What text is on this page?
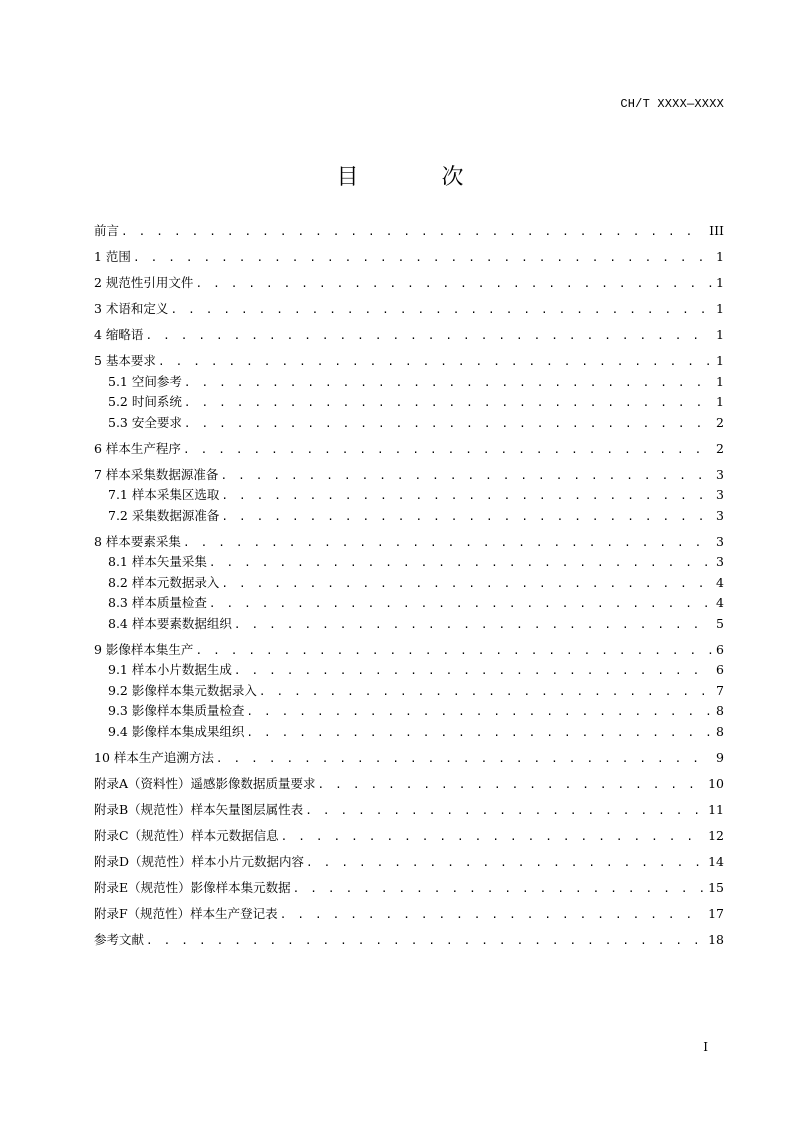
CH/T XXXX—XXXX
目 次
前言 . . .	III
1 范围 . . .	1
2 规范性引用文件 . . .	1
3 术语和定义 . . .	1
4 缩略语 . . .	1
5 基本要求 . . .	1
5.1 空间参考 . . .	1
5.2 时间系统 . . .	1
5.3 安全要求 . . .	2
6 样本生产程序 . . .	2
7 样本采集数据源准备 . . .	3
7.1 样本采集区选取 . . .	3
7.2 采集数据源准备 . . .	3
8 样本要素采集 . . .	3
8.1 样本矢量采集 . . .	3
8.2 样本元数据录入 . . .	4
8.3 样本质量检查 . . .	4
8.4 样本要素数据组织 . . .	5
9 影像样本集生产 . . .	6
9.1 样本小片数据生成 . . .	6
9.2 影像样本集元数据录入 . . .	7
9.3 影像样本集质量检查 . . .	8
9.4 影像样本集成果组织 . . .	8
10 样本生产追溯方法 . . .	9
附录A（资料性）遥感影像数据质量要求 . . .	10
附录B（规范性）样本矢量图层属性表 . . .	11
附录C（规范性）样本元数据信息 . . .	12
附录D（规范性）样本小片元数据内容 . . .	14
附录E（规范性）影像样本集元数据 . . .	15
附录F（规范性）样本生产登记表 . . .	17
参考文献 . . .	18
I
